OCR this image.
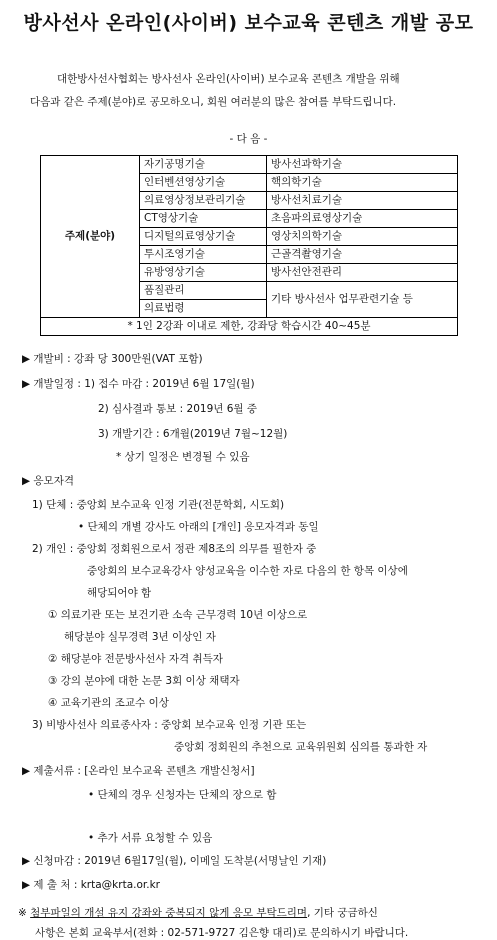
방사선사 온라인(사이버) 보수교육 콘텐츠 개발 공모
대한방사선사협회는 방사선사 온라인(사이버) 보수교육 콘텐츠 개발을 위해
다음과 같은 주제(분야)로 공모하오니, 회원 여러분의 많은 참여를 부탁드립니다.
- 다 음 -
주제(분야)	자기공명기술	방사선과학기술
	인터벤션영상기술	핵의학기술
	의료영상정보관리기술	방사선치료기술
	CT영상기술	초음파의료영상기술
	디지털의료영상기술	영상치의학기술
	투시조영기술	근골격촬영기술
	유방영상기술	방사선안전관리
	품질관리	기타 방사선사 업무관련기술 등
	의료법령	
* 1인 2강좌 이내로 제한, 강좌당 학습시간 40~45분		
▶ 개발비 : 강좌 당 300만원(VAT 포함)
▶ 개발일정 : 1) 접수 마감 : 2019년 6월 17일(월)
2) 심사결과 통보 : 2019년 6월 중
3) 개발기간 : 6개월(2019년 7월~12월)
* 상기 일정은 변경될 수 있음
▶ 응모자격
1) 단체 : 중앙회 보수교육 인정 기관(전문학회, 시도회)
• 단체의 개별 강사도 아래의 [개인] 응모자격과 동일
2) 개인 : 중앙회 정회원으로서 정관 제8조의 의무를 필한자 중
중앙회의 보수교육강사 양성교육을 이수한 자로 다음의 한 항목 이상에
해당되어야 함
① 의료기관 또는 보건기관 소속 근무경력 10년 이상으로
해당분야 실무경력 3년 이상인 자
② 해당분야 전문방사선사 자격 취득자
③ 강의 분야에 대한 논문 3회 이상 채택자
④ 교육기관의 조교수 이상
3) 비방사선사 의료종사자 : 중앙회 보수교육 인정 기관 또는
중앙회 정회원의 추천으로 교육위원회 심의를 통과한 자
▶ 제출서류 : [온라인 보수교육 콘텐츠 개발신청서]
• 단체의 경우 신청자는 단체의 장으로 함
• 추가 서류 요청할 수 있음
▶ 신청마감 : 2019년 6월17일(월), 이메일 도착분(서명날인 기재)
▶ 제 출 처 : krta@krta.or.kr
※ 첨부파일의 개설 유지 강좌와 중복되지 않게 응모 부탁드리며, 기타 궁금하신
사항은 본회 교육부서(전화 : 02-571-9727 김은향 대리)로 문의하시기 바랍니다.
